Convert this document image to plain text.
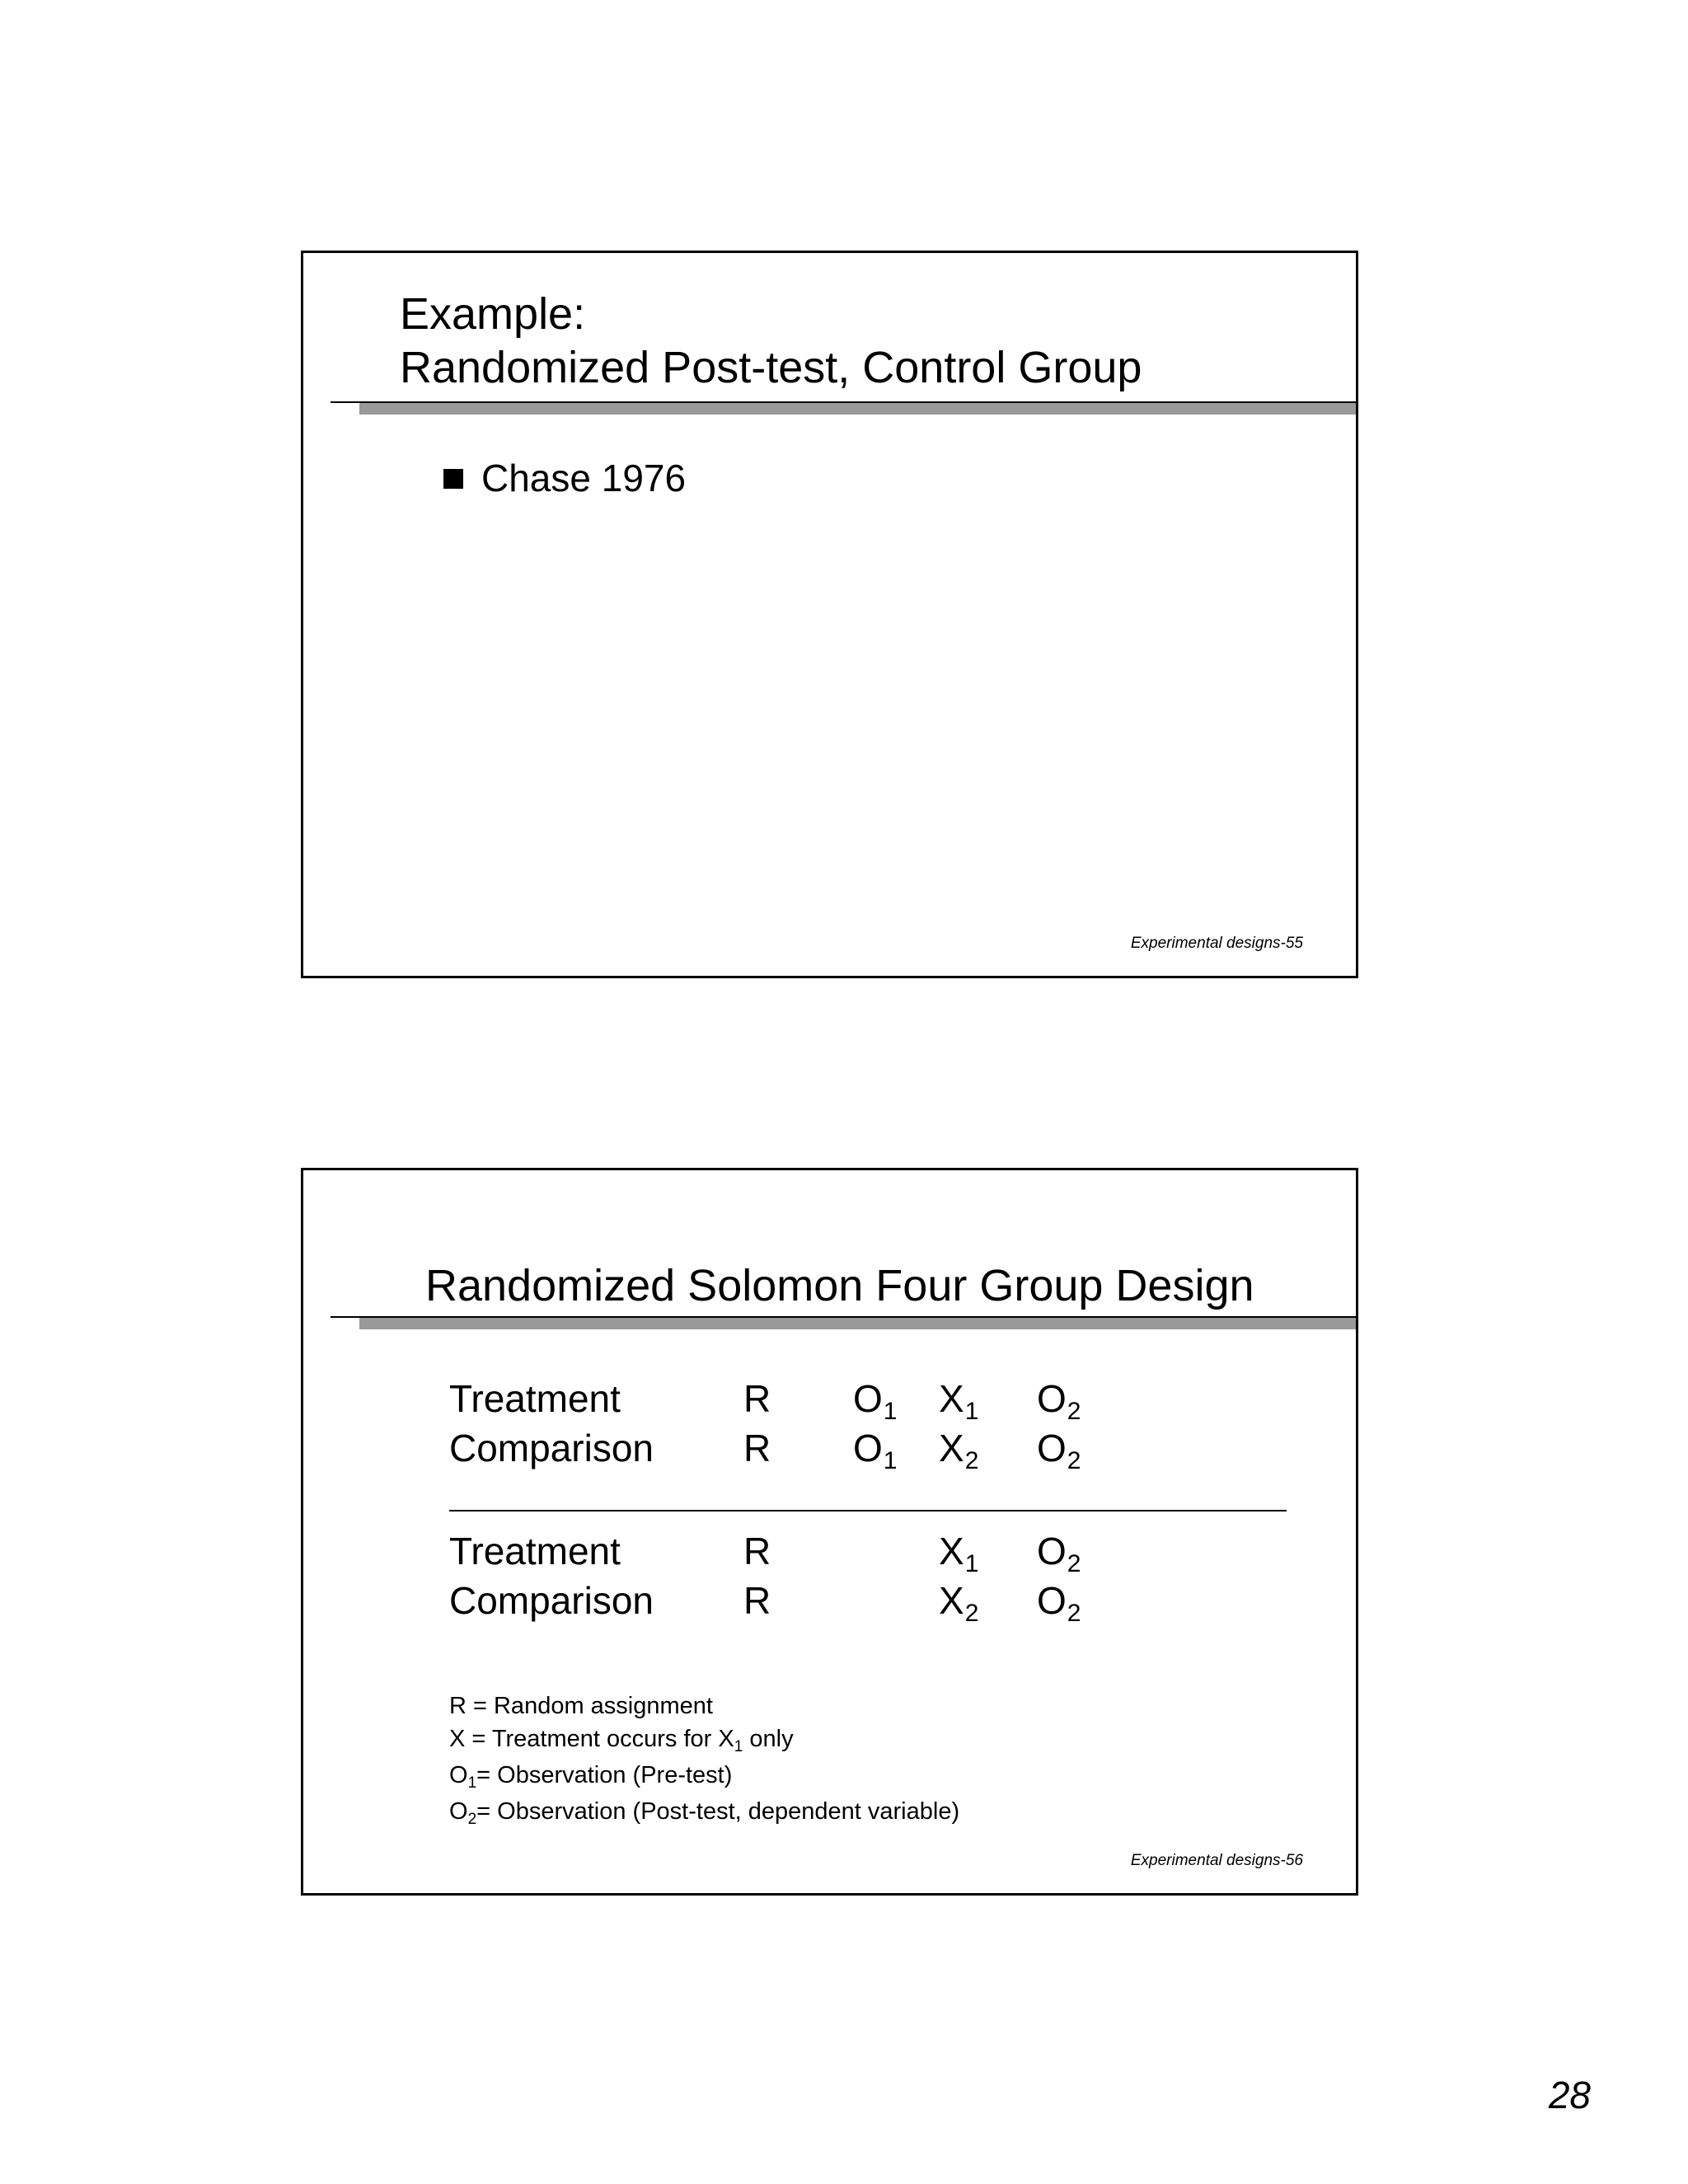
Example:
Randomized Post-test, Control Group
Chase 1976
Experimental designs-55
Randomized Solomon Four Group Design
Treatment	R $O_1$ $X_1$ $O_2$
Comparison R $O_1$ $X_2$ $O_2$
Treatment	R	$X_1$ $O_2$
Comparison R	$X_2$ $O_2$
R = Random assignment
X = Treatment occurs for $X_1$ only
$O_1=$ Observation (Pre-test)
$O_2=$ Observation (Post-test, dependent variable)
Experimental designs-56
28
